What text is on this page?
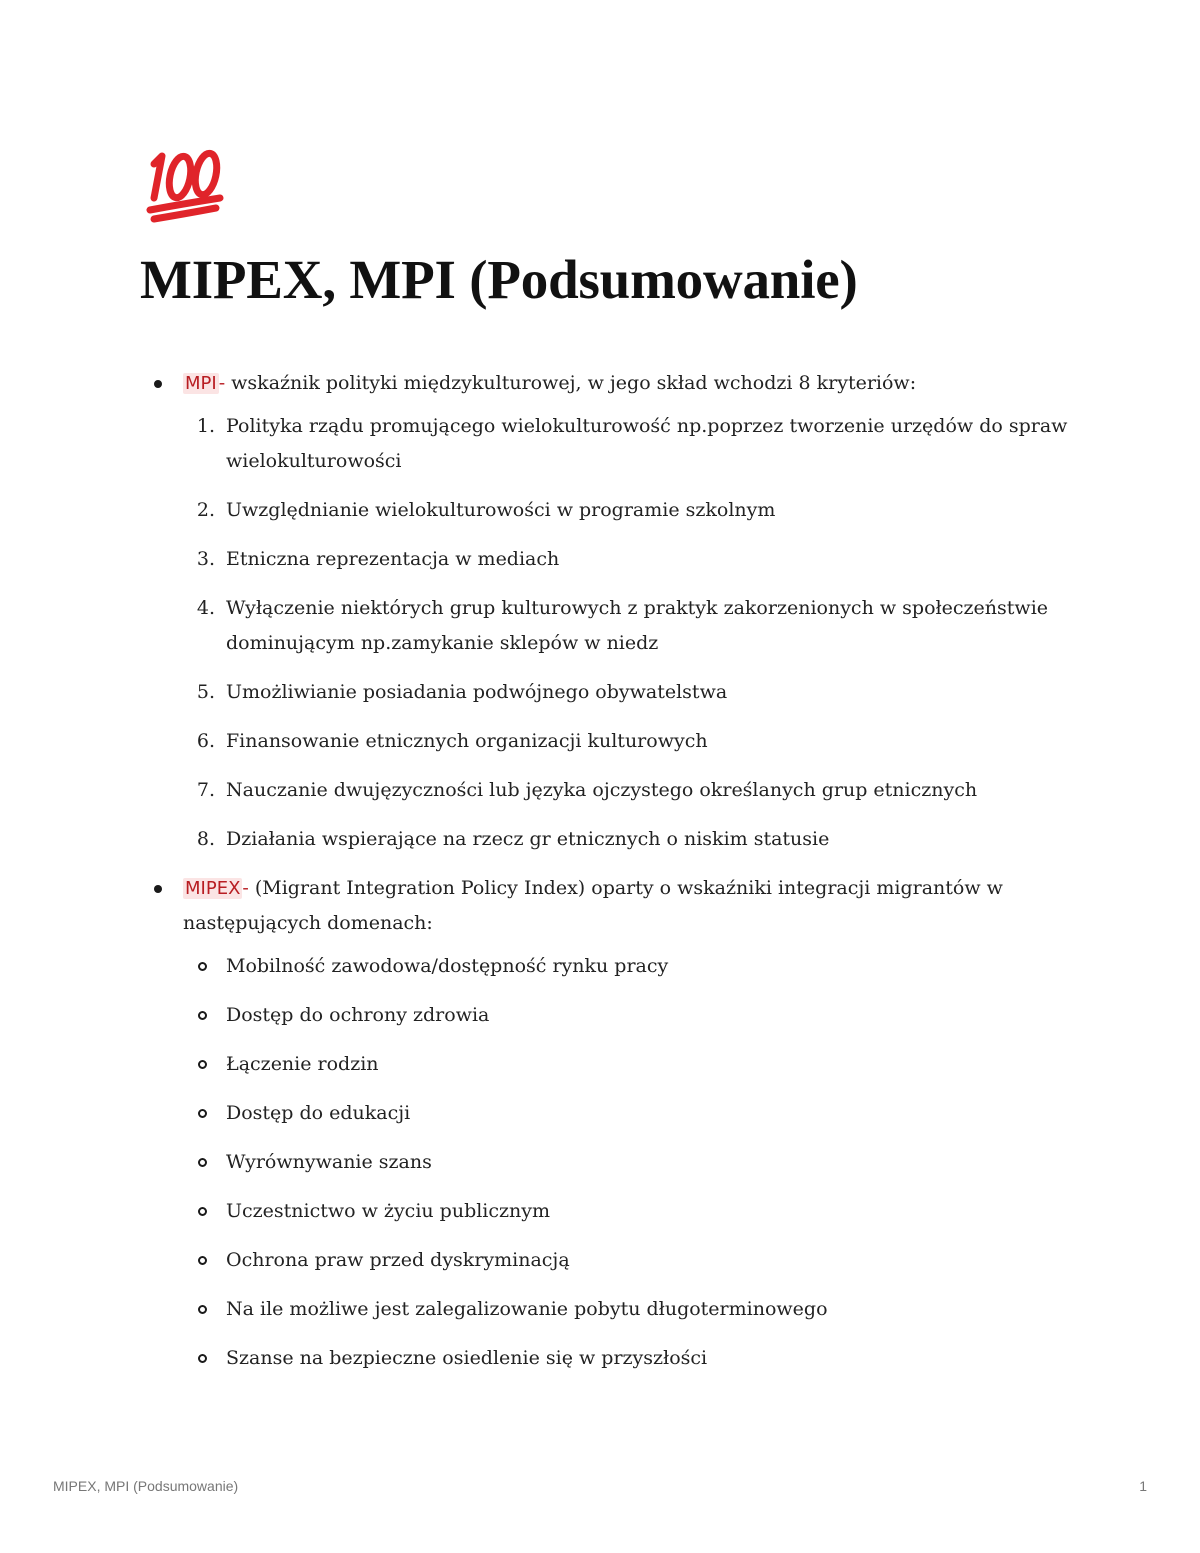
MIPEX, MPI (Podsumowanie)
MPI - wskaźnik polityki międzykulturowej, w jego skład wchodzi 8 kryteriów:
1. Polityka rządu promującego wielokulturowość np.poprzez tworzenie urzędów do spraw wielokulturowości
2. Uwzględnianie wielokulturowości w programie szkolnym
3. Etniczna reprezentacja w mediach
4. Wyłączenie niektórych grup kulturowych z praktyk zakorzenionych w społeczeństwie dominującym np.zamykanie sklepów w niedz
5. Umożliwianie posiadania podwójnego obywatelstwa
6. Finansowanie etnicznych organizacji kulturowych
7. Nauczanie dwujęzyczności lub języka ojczystego określanych grup etnicznych
8. Działania wspierające na rzecz gr etnicznych o niskim statusie
MIPEX - (Migrant Integration Policy Index) oparty o wskaźniki integracji migrantów w następujących domenach:
Mobilność zawodowa/dostępność rynku pracy
Dostęp do ochrony zdrowia
Łączenie rodzin
Dostęp do edukacji
Wyrównywanie szans
Uczestnictwo w życiu publicznym
Ochrona praw przed dyskryminacją
Na ile możliwe jest zalegalizowanie pobytu długoterminowego
Szanse na bezpieczne osiedlenie się w przyszłości
MIPEX, MPI (Podsumowanie)	1
